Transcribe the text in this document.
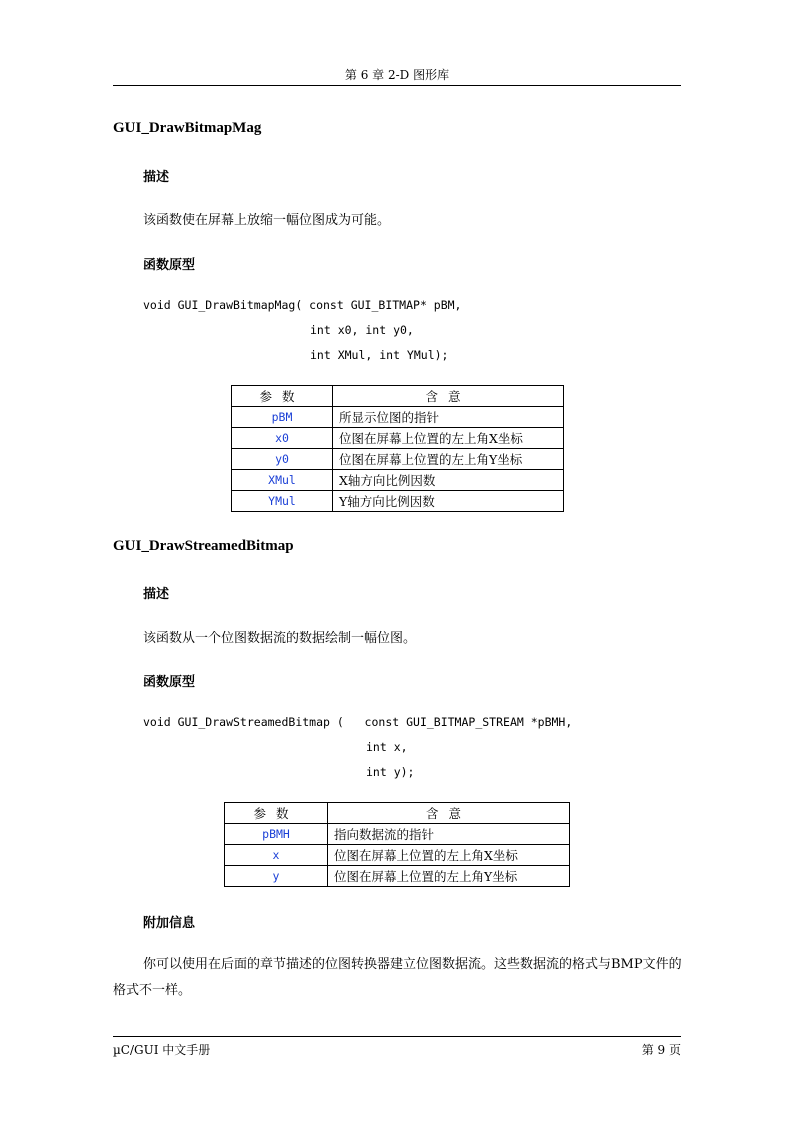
第 6 章 2-D 图形库
GUI_DrawBitmapMag
描述
该函数使在屏幕上放缩一幅位图成为可能。
函数原型
void GUI_DrawBitmapMag( const GUI_BITMAP* pBM,
int x0, int y0,
int XMul, int YMul);
参数	含意
pBM	所显示位图的指针
x0	位图在屏幕上位置的左上角X坐标
y0	位图在屏幕上位置的左上角Y坐标
XMul	X轴方向比例因数
YMul	Y轴方向比例因数
GUI_DrawStreamedBitmap
描述
该函数从一个位图数据流的数据绘制一幅位图。
函数原型
void GUI_DrawStreamedBitmap (   const GUI_BITMAP_STREAM *pBMH,
int x,
int y);
参数	含意
pBMH	指向数据流的指针
x	位图在屏幕上位置的左上角X坐标
y	位图在屏幕上位置的左上角Y坐标
附加信息
你可以使用在后面的章节描述的位图转换器建立位图数据流。这些数据流的格式与BMP文件的格式不一样。
µC/GUI 中文手册	第 9 页
